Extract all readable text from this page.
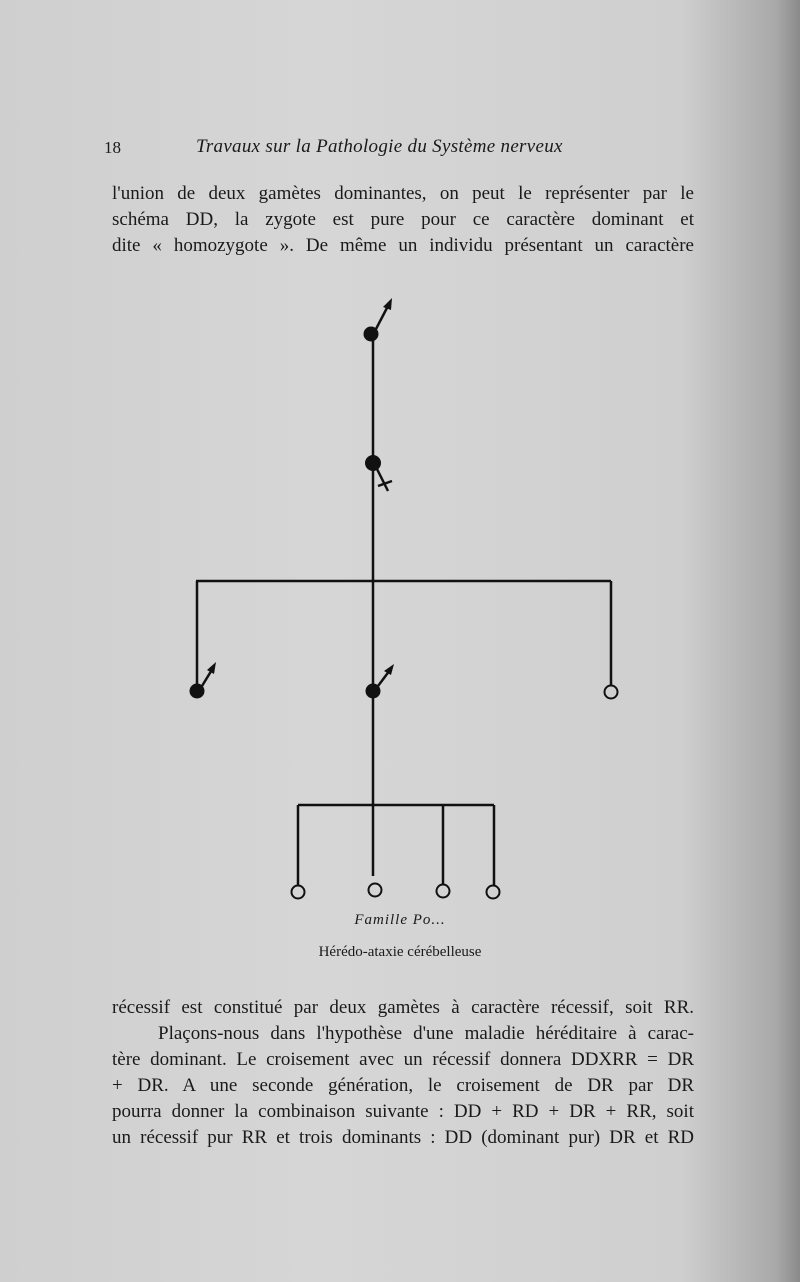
18	Travaux sur la Pathologie du Système nerveux
l'union de deux gamètes dominantes, on peut le représenter par le
schéma DD, la zygote est pure pour ce caractère dominant et
dite « homozygote ». De même un individu présentant un caractère
Famille Po...
Hérédo-ataxie cérébelleuse
récessif est constitué par deux gamètes à caractère récessif, soit RR.
Plaçons-nous dans l'hypothèse d'une maladie héréditaire à carac-
tère dominant. Le croisement avec un récessif donnera DDXRR = DR
+ DR. A une seconde génération, le croisement de DR par DR
pourra donner la combinaison suivante : DD + RD + DR + RR, soit
un récessif pur RR et trois dominants : DD (dominant pur) DR et RD
